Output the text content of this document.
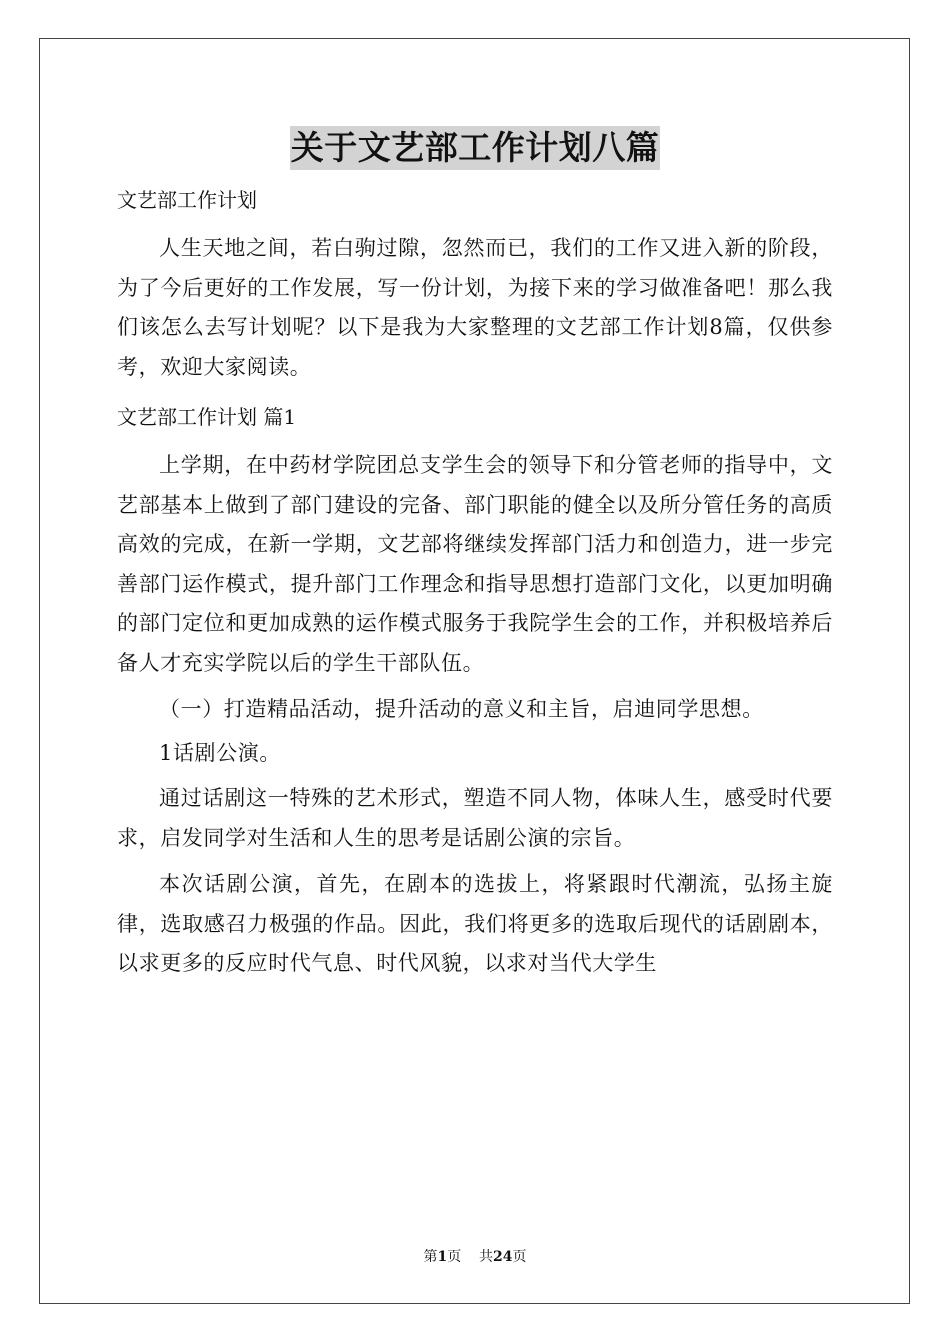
关于文艺部工作计划八篇
文艺部工作计划

人生天地之间，若白驹过隙，忽然而已，我们的工作又进入新的阶段，为了今后更好的工作发展，写一份计划，为接下来的学习做准备吧！那么我们该怎么去写计划呢？以下是我为大家整理的文艺部工作计划8篇，仅供参考，欢迎大家阅读。

文艺部工作计划 篇1

上学期，在中药材学院团总支学生会的领导下和分管老师的指导中，文艺部基本上做到了部门建设的完备、部门职能的健全以及所分管任务的高质高效的完成，在新一学期，文艺部将继续发挥部门活力和创造力，进一步完善部门运作模式，提升部门工作理念和指导思想打造部门文化，以更加明确的部门定位和更加成熟的运作模式服务于我院学生会的工作，并积极培养后备人才充实学院以后的学生干部队伍。

（一）打造精品活动，提升活动的意义和主旨，启迪同学思想。

1话剧公演。

通过话剧这一特殊的艺术形式，塑造不同人物，体味人生，感受时代要求，启发同学对生活和人生的思考是话剧公演的宗旨。

本次话剧公演，首先，在剧本的选拔上，将紧跟时代潮流，弘扬主旋律，选取感召力极强的作品。因此，我们将更多的选取后现代的话剧剧本，以求更多的反应时代气息、时代风貌，以求对当代大学生

第1页 共24页
